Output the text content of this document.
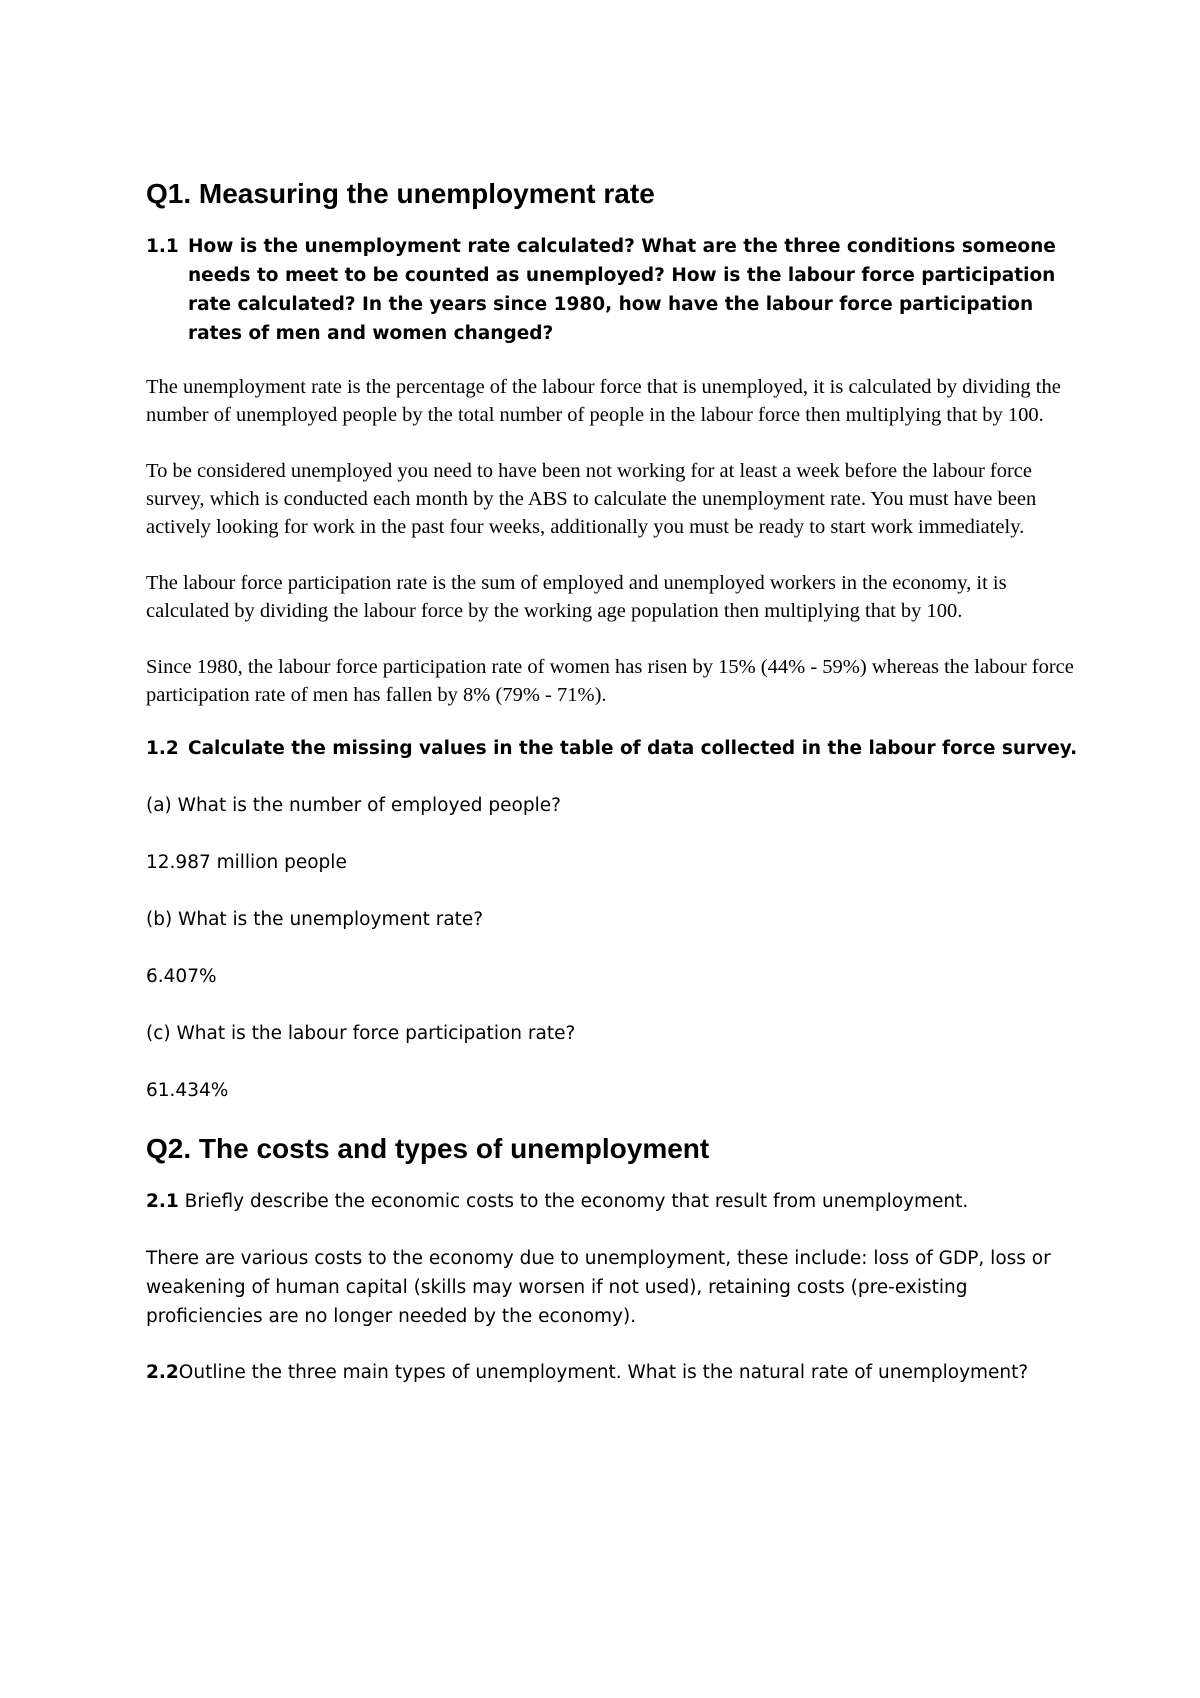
Q1. Measuring the unemployment rate
1.1 How is the unemployment rate calculated? What are the three conditions someone needs to meet to be counted as unemployed? How is the labour force participation rate calculated? In the years since 1980, how have the labour force participation rates of men and women changed?

The unemployment rate is the percentage of the labour force that is unemployed, it is calculated by dividing the number of unemployed people by the total number of people in the labour force then multiplying that by 100.

To be considered unemployed you need to have been not working for at least a week before the labour force survey, which is conducted each month by the ABS to calculate the unemployment rate. You must have been actively looking for work in the past four weeks, additionally you must be ready to start work immediately.

The labour force participation rate is the sum of employed and unemployed workers in the economy, it is calculated by dividing the labour force by the working age population then multiplying that by 100.

Since 1980, the labour force participation rate of women has risen by 15% (44% - 59%) whereas the labour force participation rate of men has fallen by 8% (79% - 71%).

1.2 Calculate the missing values in the table of data collected in the labour force survey.

(a) What is the number of employed people?

12.987 million people

(b) What is the unemployment rate?

6.407%

(c) What is the labour force participation rate?

61.434%

Q2. The costs and types of unemployment

2.1 Briefly describe the economic costs to the economy that result from unemployment.

There are various costs to the economy due to unemployment, these include: loss of GDP, loss or weakening of human capital (skills may worsen if not used), retaining costs (pre-existing proficiencies are no longer needed by the economy).

2.2Outline the three main types of unemployment. What is the natural rate of unemployment?
